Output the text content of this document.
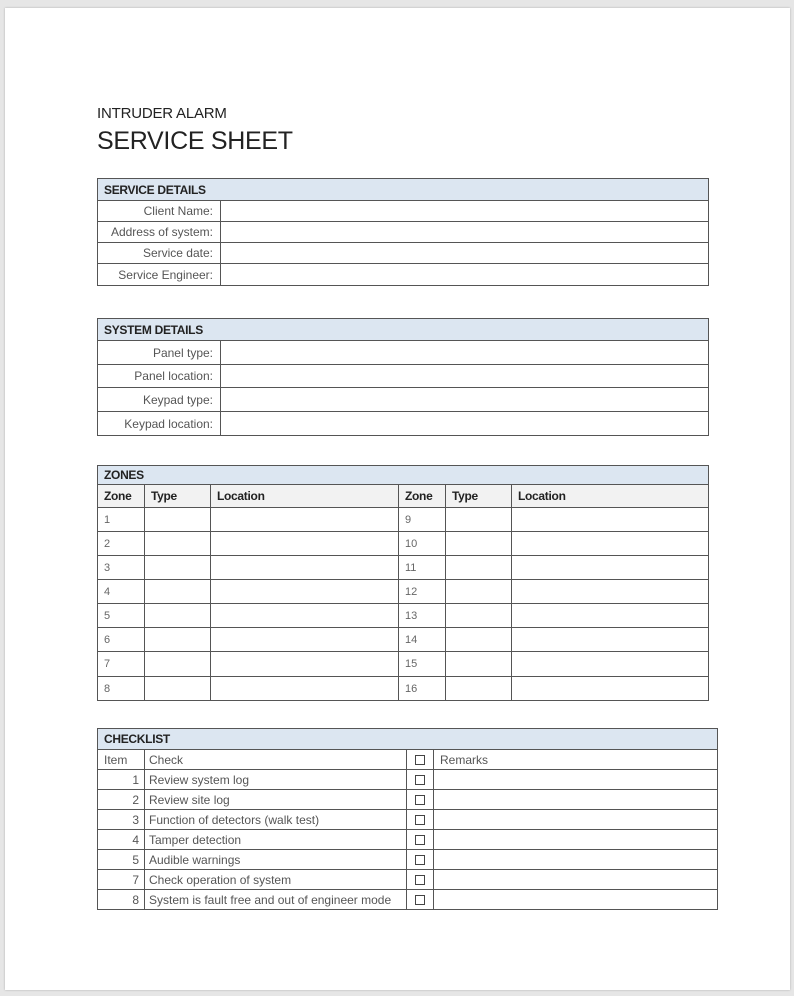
INTRUDER ALARM
SERVICE SHEET
SERVICE DETAILS	
Client Name:	
Address of system:	
Service date:	
Service Engineer:	
SYSTEM DETAILS	
Panel type:	
Panel location:	
Keypad type:	
Keypad location:	
ZONES					
Zone	Type	Location	Zone	Type	Location
1			9		
2			10		
3			11		
4			12		
5			13		
6			14		
7			15		
8			16		
CHECKLIST			
Item	Check		Remarks
1	Review system log		
2	Review site log		
3	Function of detectors (walk test)		
4	Tamper detection		
5	Audible warnings		
7	Check operation of system		
8	System is fault free and out of engineer mode		
